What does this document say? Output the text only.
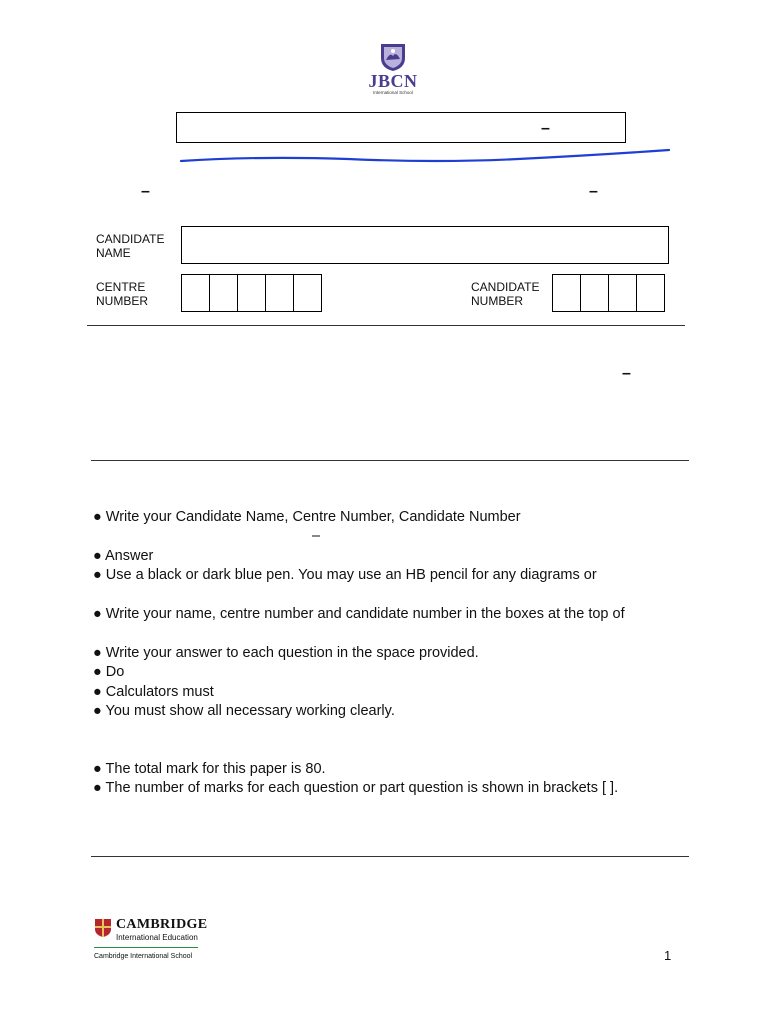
JBCN
International School
–
–	–
CANDIDATE
NAME
CENTRE
NUMBER
CANDIDATE
NUMBER
–
● Write your Candidate Name, Centre Number, Candidate Number
–
● Answer
● Use a black or dark blue pen. You may use an HB pencil for any diagrams or
● Write your name, centre number and candidate number in the boxes at the top of
● Write your answer to each question in the space provided.
● Do
● Calculators must
● You must show all necessary working clearly.
● The total mark for this paper is 80.
● The number of marks for each question or part question is shown in brackets [ ].
CAMBRIDGE
International Education
Cambridge International School	1
